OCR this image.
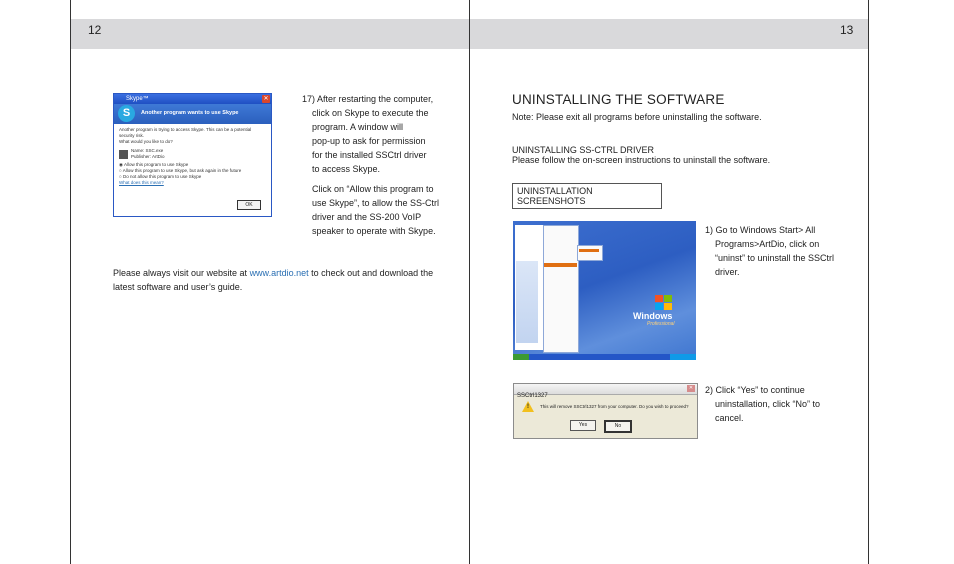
12	13
Skype™	✕
S	Another program wants to use Skype
Another program is trying to access Skype. This can be a potential security risk.
What would you like to do?
Name: SSC.exe
Publisher: ArtDio
◉ Allow this program to use Skype
○ Allow this program to use Skype, but ask again in the future
○ Do not allow this program to use Skype
What does this mean?
OK
17) After restarting the computer,
click on Skype to execute the
program. A window will
pop-up to ask for permission
for the installed SSCtrl driver
to access Skype.
Click on “Allow this program to
use Skype”, to allow the SS-Ctrl
driver and the SS-200 VoIP
speaker to operate with Skype.
Please always visit our website at www.artdio.net to check out and download the
latest software and user’s guide.
UNINSTALLING THE SOFTWARE
Note: Please exit all programs before uninstalling the software.
UNINSTALLING SS-CTRL DRIVER
Please follow the on-screen instructions to uninstall the software.
UNINSTALLATION SCREENSHOTS
Windows
Professional
1) Go to Windows Start> All
Programs>ArtDio, click on
“uninst” to uninstall the SSCtrl
driver.
SSCtrl1327
✕
! This will remove SSCtrl1327 from your computer. Do you wish to proceed?
Yes	No
2) Click “Yes” to continue
uninstallation, click “No” to
cancel.
